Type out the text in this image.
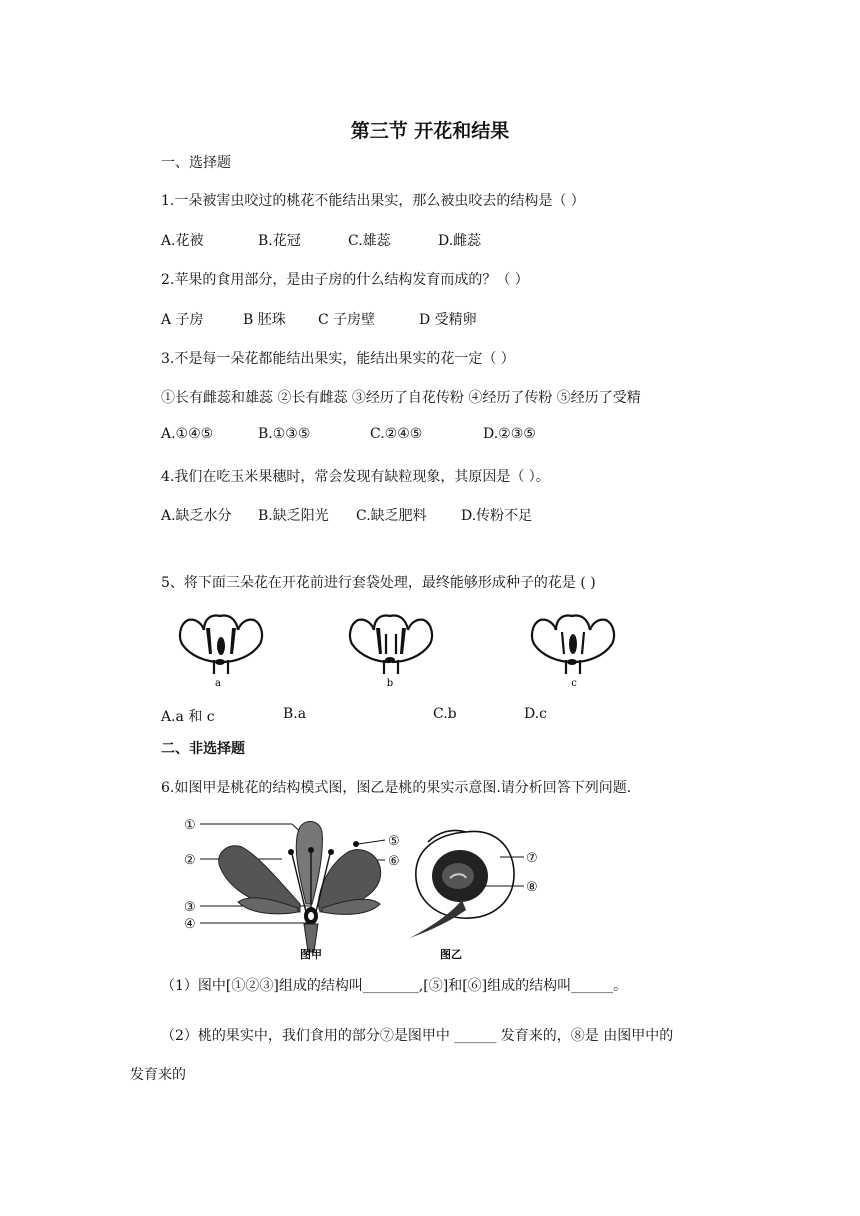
第三节 开花和结果
一、选择题
1.一朵被害虫咬过的桃花不能结出果实，那么被虫咬去的结构是（ ）
A.花被	B.花冠	C.雄蕊	D.雌蕊
2.苹果的食用部分，是由子房的什么结构发育而成的？（ ）
A 子房	B 胚珠 C 子房壁	D 受精卵
3.不是每一朵花都能结出果实，能结出果实的花一定（ ）
①长有雌蕊和雄蕊 ②长有雌蕊 ③经历了自花传粉 ④经历了传粉 ⑤经历了受精
A.①④⑤	B.①③⑤	C.②④⑤	D.②③⑤
4.我们在吃玉米果穗时，常会发现有缺粒现象，其原因是（ ）。
A.缺乏水分 B.缺乏阳光 C.缺乏肥料 D.传粉不足
5、将下面三朵花在开花前进行套袋处理，最终能够形成种子的花是 ( )
a	b	c
A.a 和 c	B.a	C.b	D.c
二、非选择题
6.如图甲是桃花的结构模式图，图乙是桃的果实示意图.请分析回答下列问题.
①
②
③
④
⑤
⑥
图甲
⑦
⑧
图乙
（1）图中[①②③]组成的结构叫________,[⑤]和[⑥]组成的结构叫______。
（2）桃的果实中，我们食用的部分⑦是图甲中 ______ 发育来的，⑧是 由图甲中的
发育来的
